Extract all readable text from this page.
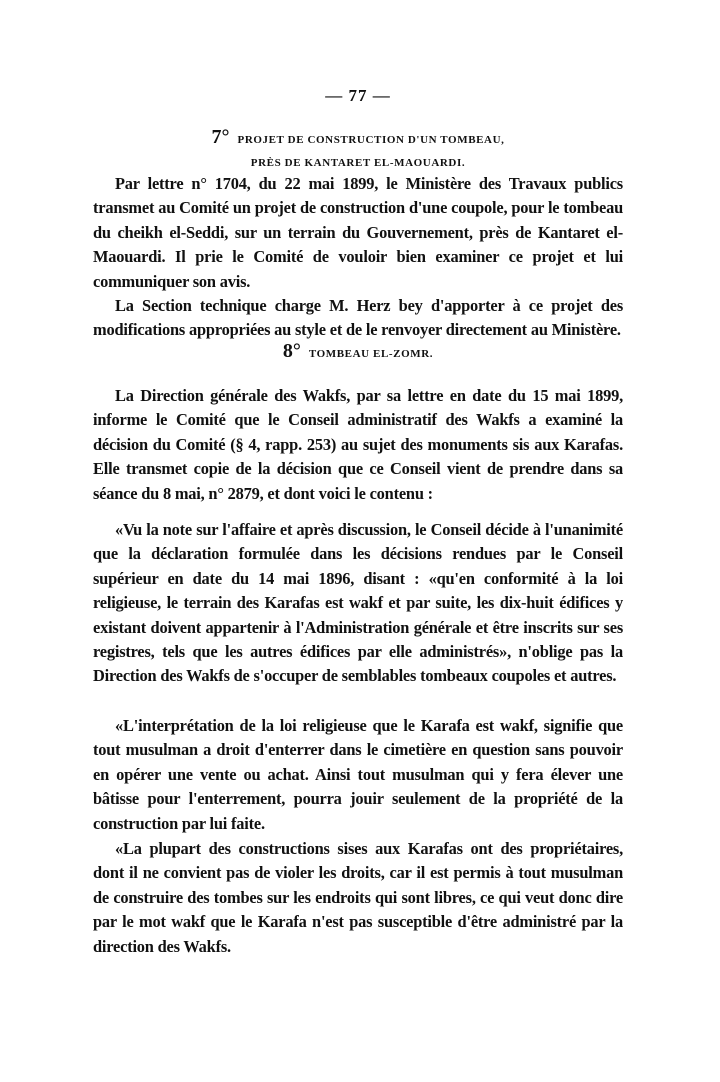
— 77 —
7° PROJET DE CONSTRUCTION D'UN TOMBEAU,
PRÈS DE KANTARET EL-MAOUARDI.

Par lettre n° 1704, du 22 mai 1899, le Ministère des Travaux publics transmet au Comité un projet de construction d'une coupole, pour le tombeau du cheikh el-Seddi, sur un terrain du Gouvernement, près de Kantaret el-Maouardi. Il prie le Comité de vouloir bien examiner ce projet et lui communiquer son avis.

La Section technique charge M. Herz bey d'apporter à ce projet des modifications appropriées au style et de le renvoyer directement au Ministère.

8° TOMBEAU EL-ZOMR.

La Direction générale des Wakfs, par sa lettre en date du 15 mai 1899, informe le Comité que le Conseil administratif des Wakfs a examiné la décision du Comité (§ 4, rapp. 253) au sujet des monuments sis aux Karafas. Elle transmet copie de la décision que ce Conseil vient de prendre dans sa séance du 8 mai, n° 2879, et dont voici le contenu :

«Vu la note sur l'affaire et après discussion, le Conseil décide à l'unanimité que la déclaration formulée dans les décisions rendues par le Conseil supérieur en date du 14 mai 1896, disant : «qu'en conformité à la loi religieuse, le terrain des Karafas est wakf et par suite, les dix-huit édifices y existant doivent appartenir à l'Administration générale et être inscrits sur ses registres, tels que les autres édifices par elle administrés», n'oblige pas la Direction des Wakfs de s'occuper de semblables tombeaux coupoles et autres.

«L'interprétation de la loi religieuse que le Karafa est wakf, signifie que tout musulman a droit d'enterrer dans le cimetière en question sans pouvoir en opérer une vente ou achat. Ainsi tout musulman qui y fera élever une bâtisse pour l'enterrement, pourra jouir seulement de la propriété de la construction par lui faite.

«La plupart des constructions sises aux Karafas ont des propriétaires, dont il ne convient pas de violer les droits, car il est permis à tout musulman de construire des tombes sur les endroits qui sont libres, ce qui veut donc dire par le mot wakf que le Karafa n'est pas susceptible d'être administré par la direction des Wakfs.
